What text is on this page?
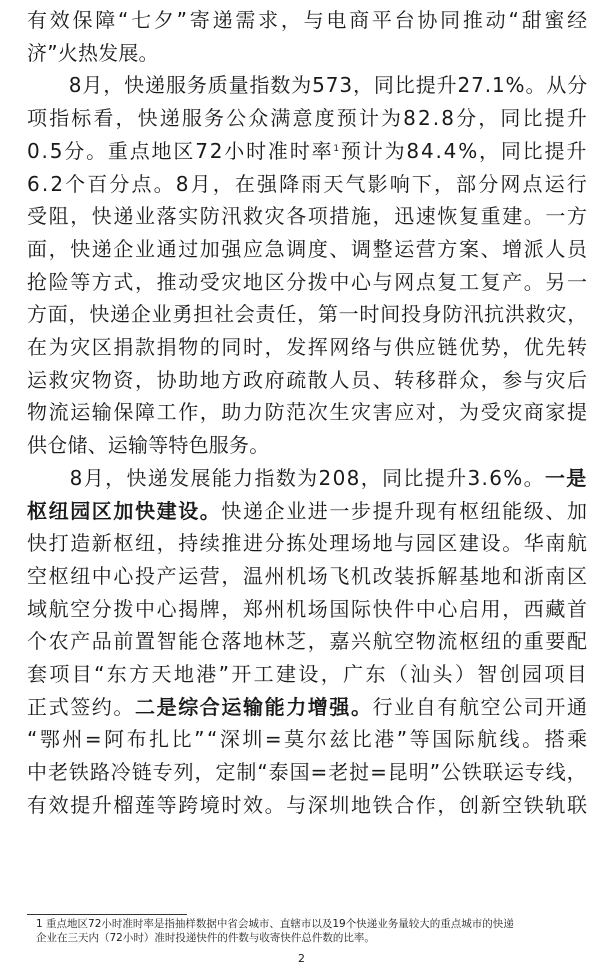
有效保障“七夕”寄递需求，与电商平台协同推动“甜蜜经
济”火热发展。
　　8月，快递服务质量指数为573，同比提升27.1%。从分
项指标看，快递服务公众满意度预计为82.8分，同比提升
0.5分。重点地区72小时准时率$^1$预计为84.4%，同比提升
6.2个百分点。8月，在强降雨天气影响下，部分网点运行
受阻，快递业落实防汛救灾各项措施，迅速恢复重建。一方
面，快递企业通过加强应急调度、调整运营方案、增派人员
抢险等方式，推动受灾地区分拨中心与网点复工复产。另一
方面，快递企业勇担社会责任，第一时间投身防汛抗洪救灾，
在为灾区捐款捐物的同时，发挥网络与供应链优势，优先转
运救灾物资，协助地方政府疏散人员、转移群众，参与灾后
物流运输保障工作，助力防范次生灾害应对，为受灾商家提
供仓储、运输等特色服务。
　　8月，快递发展能力指数为208，同比提升3.6%。一是
枢纽园区加快建设。快递企业进一步提升现有枢纽能级、加
快打造新枢纽，持续推进分拣处理场地与园区建设。华南航
空枢纽中心投产运营，温州机场飞机改装拆解基地和浙南区
域航空分拨中心揭牌，郑州机场国际快件中心启用，西藏首
个农产品前置智能仓落地林芝，嘉兴航空物流枢纽的重要配
套项目“东方天地港”开工建设，广东（汕头）智创园项目
正式签约。二是综合运输能力增强。行业自有航空公司开通
“鄂州=阿布扎比”“深圳=莫尔兹比港”等国际航线。搭乘
中老铁路冷链专列，定制“泰国=老挝=昆明”公铁联运专线，
有效提升榴莲等跨境时效。与深圳地铁合作，创新空铁轨联
1 重点地区72小时准时率是指抽样数据中省会城市、直辖市以及19个快递业务量较大的重点城市的快递
企业在三天内（72小时）准时投递快件的件数与收寄快件总件数的比率。
2
